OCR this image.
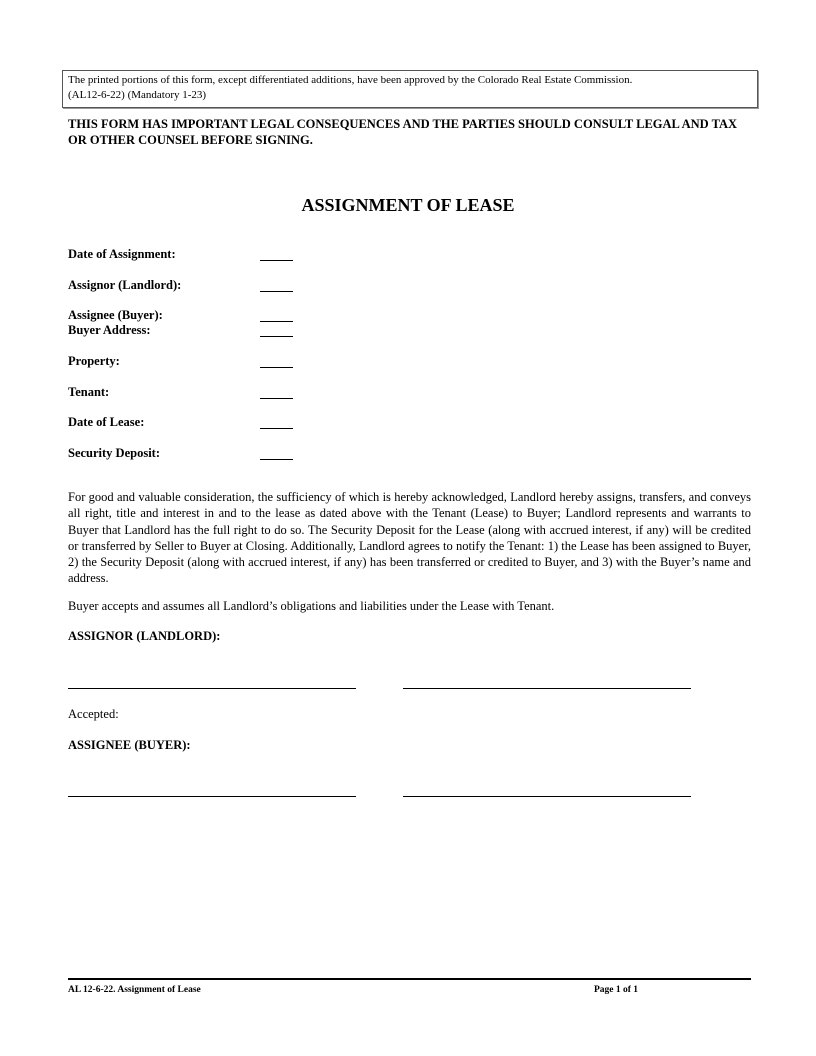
The printed portions of this form, except differentiated additions, have been approved by the Colorado Real Estate Commission.
(AL12-6-22) (Mandatory 1-23)
THIS FORM HAS IMPORTANT LEGAL CONSEQUENCES AND THE PARTIES SHOULD CONSULT LEGAL AND TAX OR OTHER COUNSEL BEFORE SIGNING.
ASSIGNMENT OF LEASE
Date of Assignment:
Assignor (Landlord):
Assignee (Buyer):
Buyer Address:
Property:
Tenant:
Date of Lease:
Security Deposit:
For good and valuable consideration, the sufficiency of which is hereby acknowledged, Landlord hereby assigns, transfers, and conveys all right, title and interest in and to the lease as dated above with the Tenant (Lease) to Buyer; Landlord represents and warrants to Buyer that Landlord has the full right to do so. The Security Deposit for the Lease (along with accrued interest, if any) will be credited or transferred by Seller to Buyer at Closing. Additionally, Landlord agrees to notify the Tenant: 1) the Lease has been assigned to Buyer, 2) the Security Deposit (along with accrued interest, if any) has been transferred or credited to Buyer, and 3) with the Buyer’s name and address.
Buyer accepts and assumes all Landlord’s obligations and liabilities under the Lease with Tenant.
ASSIGNOR (LANDLORD):
Accepted:
ASSIGNEE (BUYER):
AL 12-6-22. Assignment of Lease	Page 1 of 1
